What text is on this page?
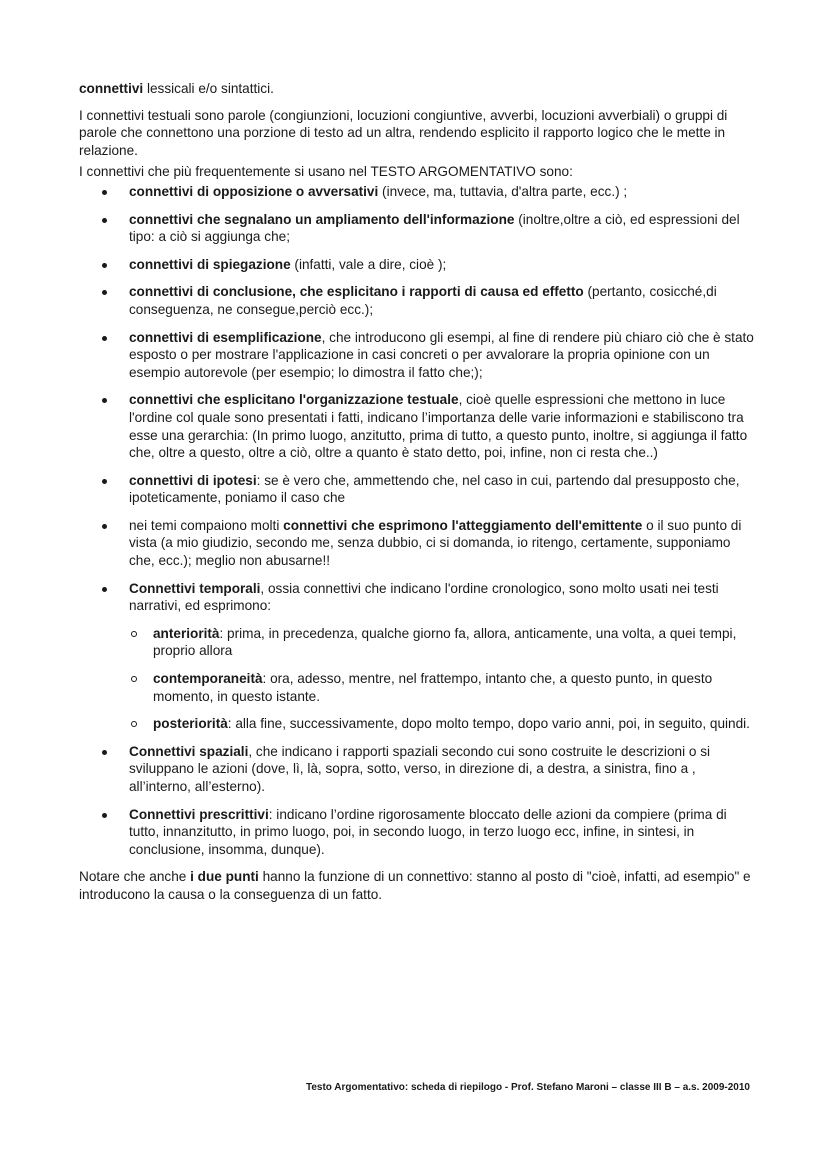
connettivi lessicali e/o sintattici.

I connettivi testuali sono parole (congiunzioni, locuzioni congiuntive, avverbi, locuzioni avverbiali) o gruppi di parole che connettono una porzione di testo ad un altra, rendendo esplicito il rapporto logico che le mette in relazione.

I connettivi che più frequentemente si usano nel TESTO ARGOMENTATIVO sono:

connettivi di opposizione o avversativi (invece, ma, tuttavia, d'altra parte, ecc.) ;
connettivi che segnalano un ampliamento dell'informazione (inoltre,oltre a ciò, ed espressioni del tipo: a ciò si aggiunga che;
connettivi di spiegazione (infatti, vale a dire, cioè );
connettivi di conclusione, che esplicitano i rapporti di causa ed effetto (pertanto, cosicché,di conseguenza, ne consegue,perciò ecc.);
connettivi di esemplificazione, che introducono gli esempi, al fine di rendere più chiaro ciò che è stato esposto o per mostrare l'applicazione in casi concreti o per avvalorare la propria opinione con un esempio autorevole (per esempio; lo dimostra il fatto che;);
connettivi che esplicitano l'organizzazione testuale, cioè quelle espressioni che mettono in luce l'ordine col quale sono presentati i fatti, indicano l’importanza delle varie informazioni e stabiliscono tra esse una gerarchia: (In primo luogo, anzitutto, prima di tutto, a questo punto, inoltre, si aggiunga il fatto che, oltre a questo, oltre a ciò, oltre a quanto è stato detto, poi, infine, non ci resta che..)
connettivi di ipotesi: se è vero che, ammettendo che, nel caso in cui, partendo dal presupposto che, ipoteticamente, poniamo il caso che
nei temi compaiono molti connettivi che esprimono l'atteggiamento dell'emittente o il suo punto di vista (a mio giudizio, secondo me, senza dubbio, ci si domanda, io ritengo, certamente, supponiamo che, ecc.); meglio non abusarne!!
Connettivi temporali, ossia connettivi che indicano l'ordine cronologico, sono molto usati nei testi narrativi, ed esprimono:
anteriorità: prima, in precedenza, qualche giorno fa, allora, anticamente, una volta, a quei tempi, proprio allora
contemporaneità: ora, adesso, mentre, nel frattempo, intanto che, a questo punto, in questo momento, in questo istante.
posteriorità: alla fine, successivamente, dopo molto tempo, dopo vario anni, poi, in seguito, quindi.
Connettivi spaziali, che indicano i rapporti spaziali secondo cui sono costruite le descrizioni o si sviluppano le azioni (dove, lì, là, sopra, sotto, verso, in direzione di, a destra, a sinistra, fino a , all’interno, all’esterno).
Connettivi prescrittivi: indicano l’ordine rigorosamente bloccato delle azioni da compiere (prima di tutto, innanzitutto, in primo luogo, poi, in secondo luogo, in terzo luogo ecc, infine, in sintesi, in conclusione, insomma, dunque).

Notare che anche i due punti hanno la funzione di un connettivo: stanno al posto di "cioè, infatti, ad esempio" e introducono la causa o la conseguenza di un fatto.

Testo Argomentativo: scheda di riepilogo - Prof. Stefano Maroni – classe III B – a.s. 2009-2010
